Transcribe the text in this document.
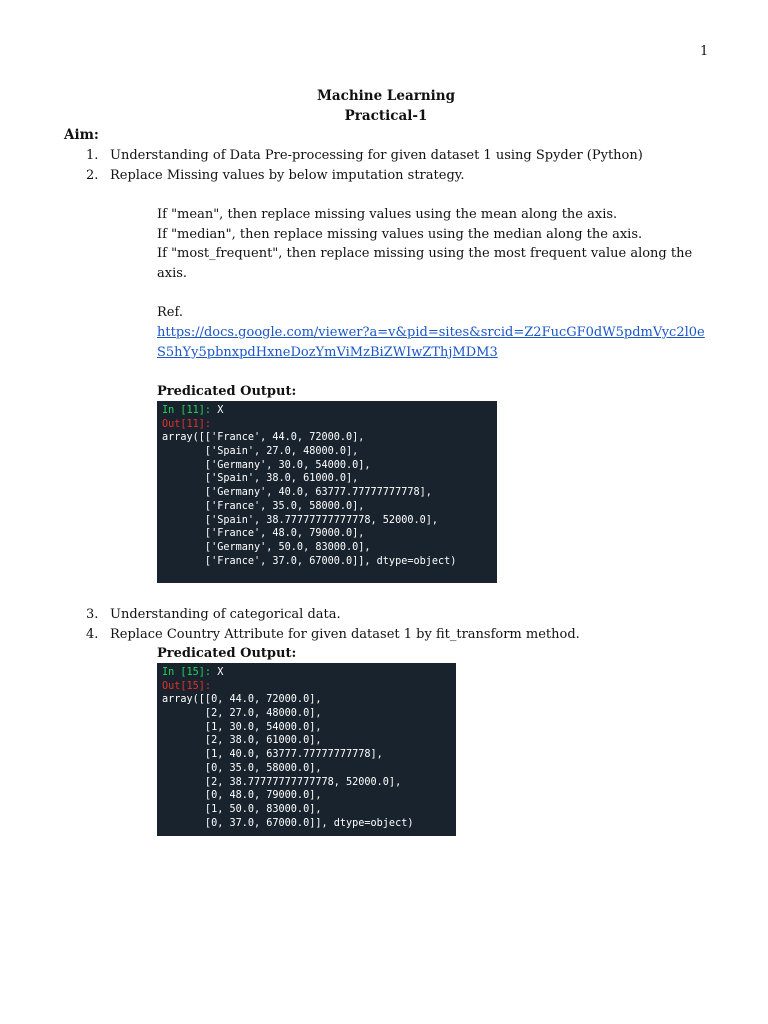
1
Machine Learning
Practical-1
Aim:
1. Understanding of Data Pre-processing for given dataset 1 using Spyder (Python)
2. Replace Missing values by below imputation strategy.
If "mean", then replace missing values using the mean along the axis.
If "median", then replace missing values using the median along the axis.
If "most_frequent", then replace missing using the most frequent value along the
axis.
Ref.
https://docs.google.com/viewer?a=v&pid=sites&srcid=Z2FucGF0dW5pdmVyc2l0e
S5hYy5pbnxpdHxneDozYmViMzBiZWIwZThjMDM3
Predicated Output:
In [11]: X
Out[11]:
array([['France', 44.0, 72000.0],
['Spain', 27.0, 48000.0],
['Germany', 30.0, 54000.0],
['Spain', 38.0, 61000.0],
['Germany', 40.0, 63777.77777777778],
['France', 35.0, 58000.0],
['Spain', 38.77777777777778, 52000.0],
['France', 48.0, 79000.0],
['Germany', 50.0, 83000.0],
['France', 37.0, 67000.0]], dtype=object)
3. Understanding of categorical data.
4. Replace Country Attribute for given dataset 1 by fit_transform method.
Predicated Output:
In [15]: X
Out[15]:
array([[0, 44.0, 72000.0],
[2, 27.0, 48000.0],
[1, 30.0, 54000.0],
[2, 38.0, 61000.0],
[1, 40.0, 63777.77777777778],
[0, 35.0, 58000.0],
[2, 38.77777777777778, 52000.0],
[0, 48.0, 79000.0],
[1, 50.0, 83000.0],
[0, 37.0, 67000.0]], dtype=object)
